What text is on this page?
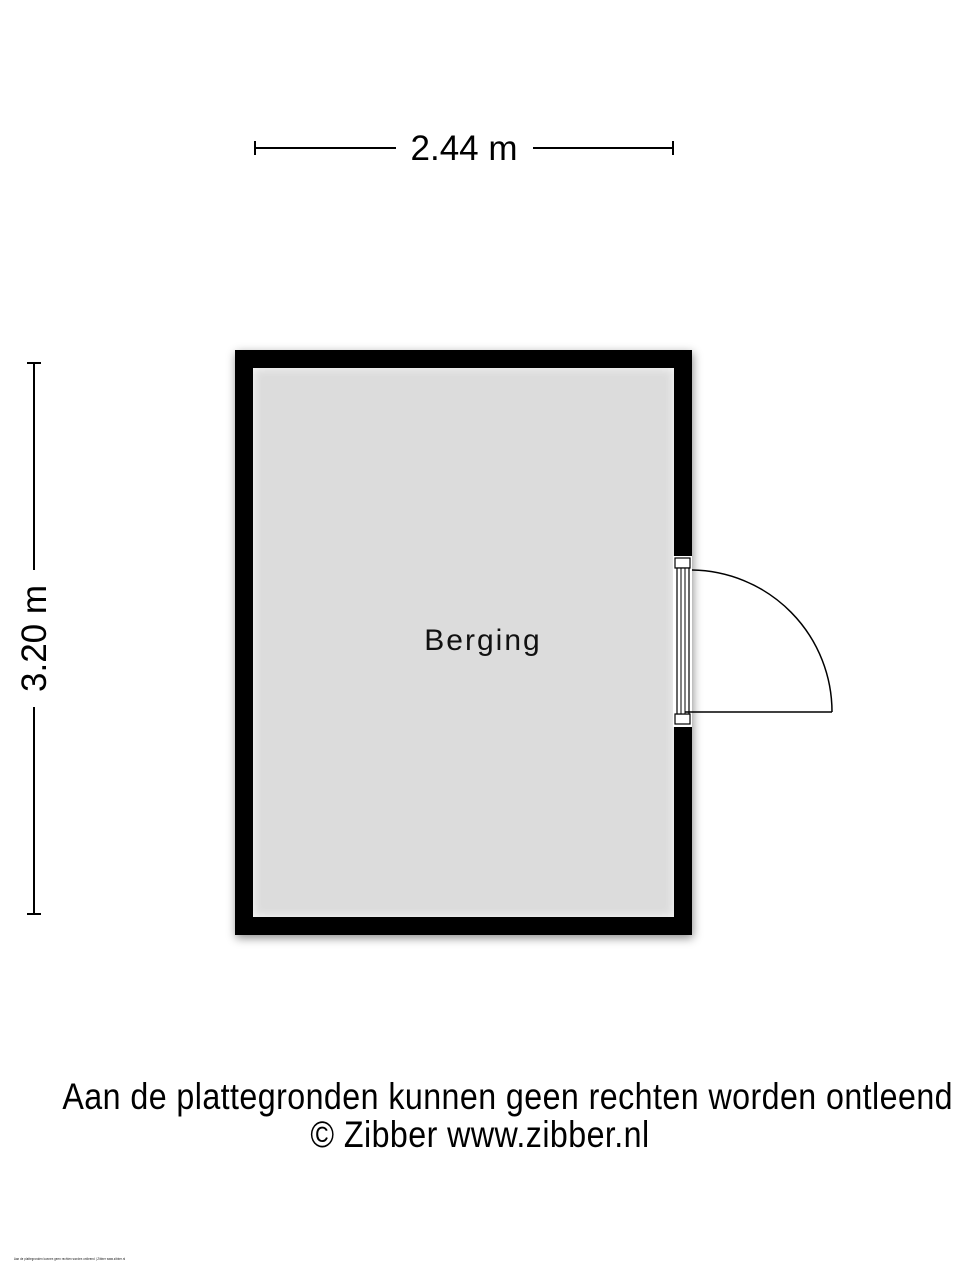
2.44 m
3.20 m	Berging
Aan de plattegronden kunnen geen rechten worden ontleend
© Zibber www.zibber.nl
Aan de plattegronden kunnen geen rechten worden ontleend | Zibber www.zibber.nl
